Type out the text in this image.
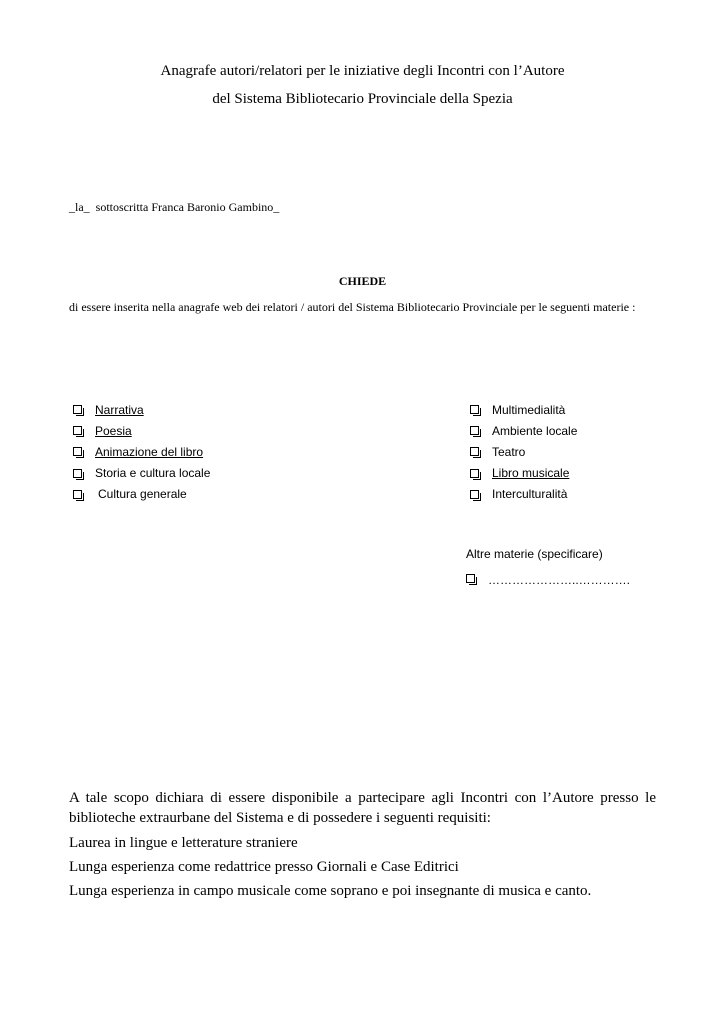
Anagrafe autori/relatori per le iniziative degli Incontri con l’Autore
del Sistema Bibliotecario Provinciale della Spezia
_la_ sottoscritta Franca Baronio Gambino_
CHIEDE
di essere inserita nella anagrafe web dei relatori / autori del Sistema Bibliotecario Provinciale per le seguenti materie :
Narrativa
Poesia
Animazione del libro
Storia e cultura locale
Cultura generale
Multimedialità
Ambiente locale
Teatro
Libro musicale
Interculturalità
Altre materie (specificare)
…………………..………….
A tale scopo dichiara di essere disponibile a partecipare agli Incontri con l’Autore presso le biblioteche extraurbane del Sistema e di possedere i seguenti requisiti:
Laurea in lingue e letterature straniere
Lunga esperienza come redattrice presso Giornali e Case Editrici
Lunga esperienza in campo musicale come soprano e poi insegnante di musica e canto.
